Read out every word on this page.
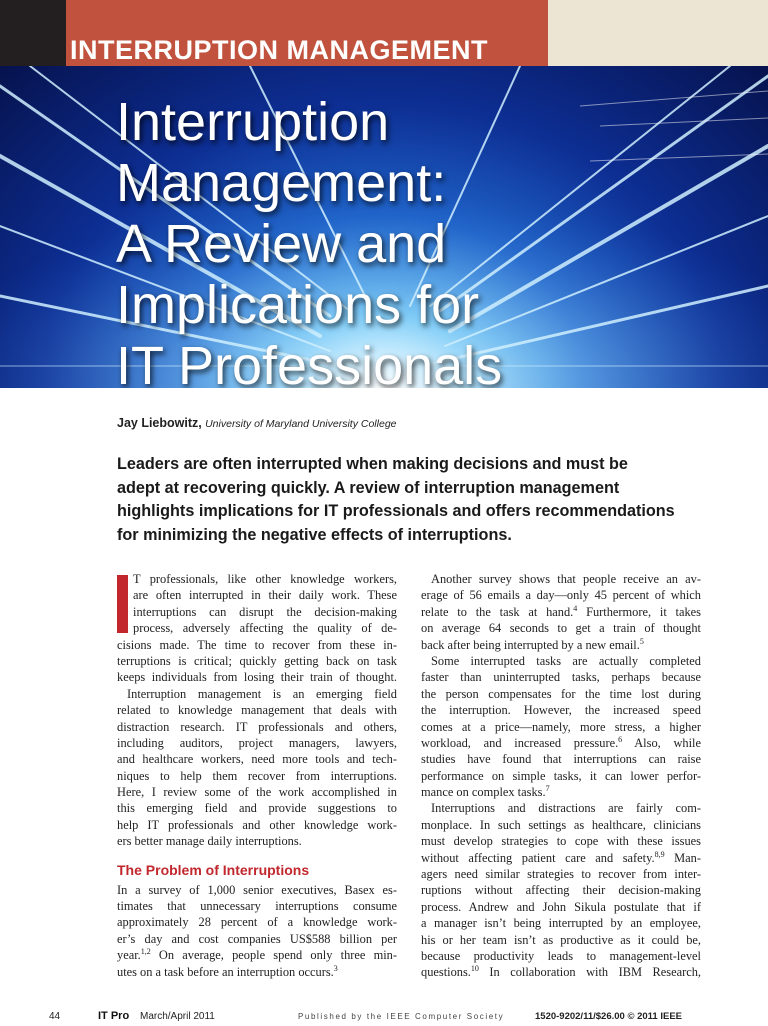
INTERRUPTION MANAGEMENT
Interruption
Management:
A Review and
Implications for
IT Professionals
Jay Liebowitz, University of Maryland University College

Leaders are often interrupted when making decisions and must be
adept at recovering quickly. A review of interruption management
highlights implications for IT professionals and offers recommendations
for minimizing the negative effects of interruptions.

T professionals, like other knowledge workers,
are often interrupted in their daily work. These
interruptions can disrupt the decision-making
process, adversely affecting the quality of de-
cisions made. The time to recover from these in-
terruptions is critical; quickly getting back on task
keeps individuals from losing their train of thought.
Interruption management is an emerging field
related to knowledge management that deals with
distraction research. IT professionals and others,
including auditors, project managers, lawyers,
and healthcare workers, need more tools and tech-
niques to help them recover from interruptions.
Here, I review some of the work accomplished in
this emerging field and provide suggestions to
help IT professionals and other knowledge work-
ers better manage daily interruptions.
The Problem of Interruptions
In a survey of 1,000 senior executives, Basex es-
timates that unnecessary interruptions consume
approximately 28 percent of a knowledge work-
er’s day and cost companies US$588 billion per
year.$^{1,2}$ On average, people spend only three min-
utes on a task before an interruption occurs.$^3$
Another survey shows that people receive an av-
erage of 56 emails a day—only 45 percent of which
relate to the task at hand.$^4$ Furthermore, it takes
on average 64 seconds to get a train of thought
back after being interrupted by a new email.$^5$
Some interrupted tasks are actually completed
faster than uninterrupted tasks, perhaps because
the person compensates for the time lost during
the interruption. However, the increased speed
comes at a price—namely, more stress, a higher
workload, and increased pressure.$^6$ Also, while
studies have found that interruptions can raise
performance on simple tasks, it can lower perfor-
mance on complex tasks.$^7$
Interruptions and distractions are fairly com-
monplace. In such settings as healthcare, clinicians
must develop strategies to cope with these issues
without affecting patient care and safety.$^{8,9}$ Man-
agers need similar strategies to recover from inter-
ruptions without affecting their decision-making
process. Andrew and John Sikula postulate that if
a manager isn’t being interrupted by an employee,
his or her team isn’t as productive as it could be,
because productivity leads to management-level
questions.$^{10}$ In collaboration with IBM Research,
44	IT Pro March/April 2011	Published by the IEEE Computer Society	1520-9202/11/$26.00 © 2011 IEEE
